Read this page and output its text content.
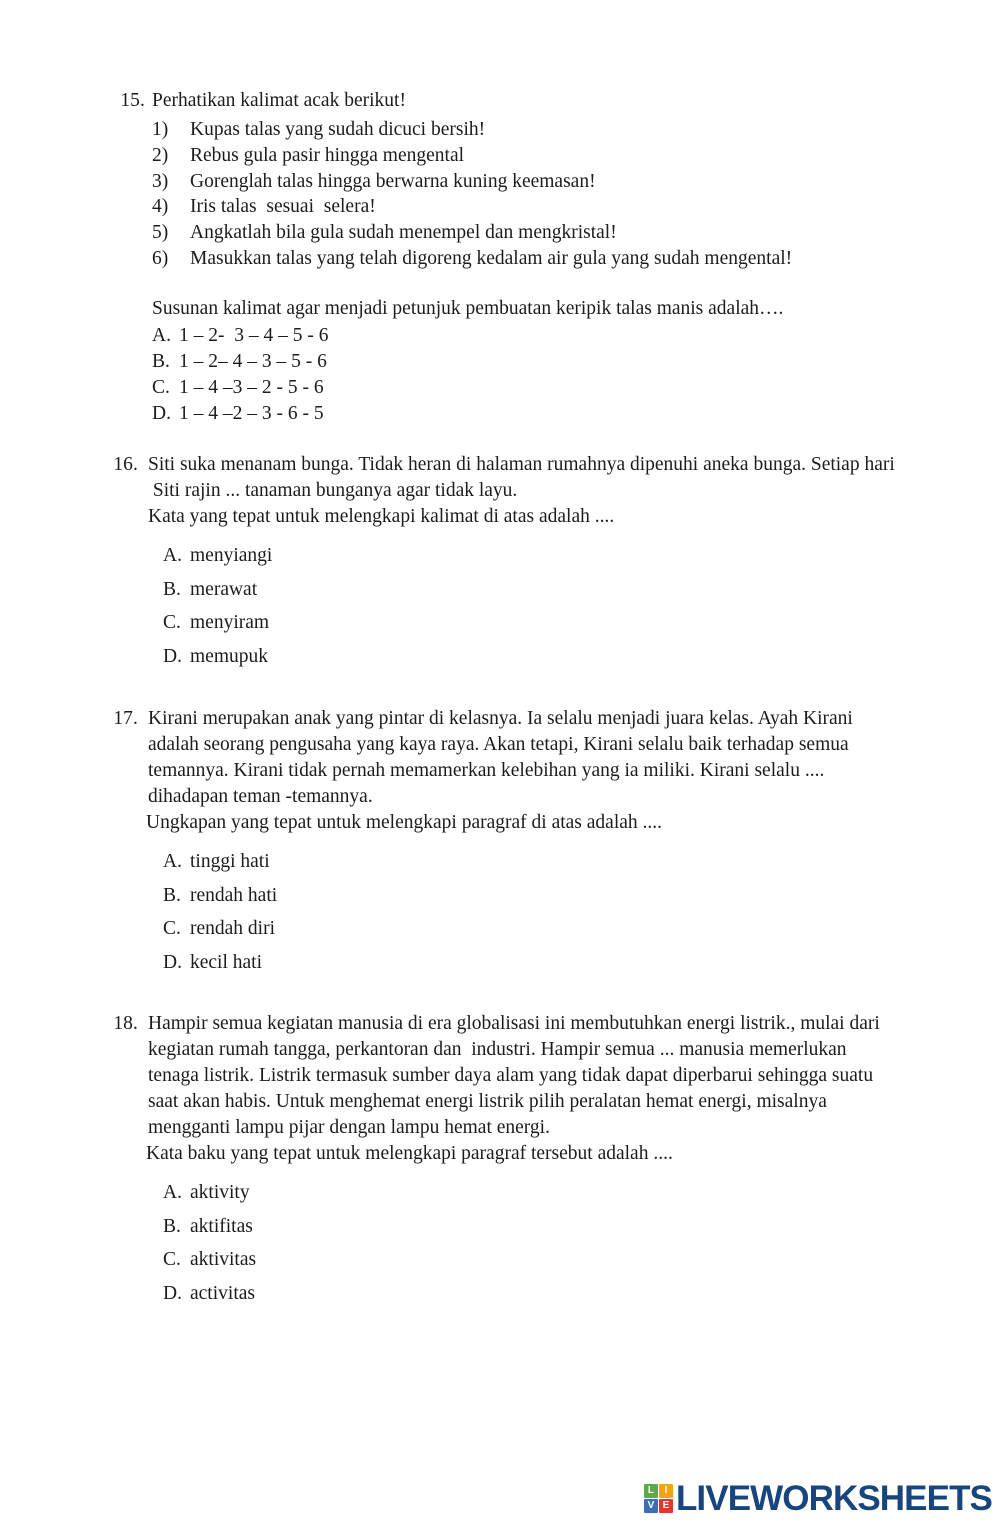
15. Perhatikan kalimat acak berikut!
1)	Kupas talas yang sudah dicuci bersih!
2)	Rebus gula pasir hingga mengental
3)	Gorenglah talas hingga berwarna kuning keemasan!
4)	Iris talas  sesuai  selera!
5)	Angkatlah bila gula sudah menempel dan mengkristal!
6)	Masukkan talas yang telah digoreng kedalam air gula yang sudah mengental!
Susunan kalimat agar menjadi petunjuk pembuatan keripik talas manis adalah….
A. 1 – 2-  3 – 4 – 5 - 6
B. 1 – 2– 4 – 3 – 5 - 6
C. 1 – 4 –3 – 2 - 5 - 6
D. 1 – 4 –2 – 3 - 6 - 5
16. Siti suka menanam bunga. Tidak heran di halaman rumahnya dipenuhi aneka bunga. Setiap hari
Siti rajin ... tanaman bunganya agar tidak layu.
Kata yang tepat untuk melengkapi kalimat di atas adalah ....
A. menyiangi
B. merawat
C. menyiram
D. memupuk
17. Kirani merupakan anak yang pintar di kelasnya. Ia selalu menjadi juara kelas. Ayah Kirani
adalah seorang pengusaha yang kaya raya. Akan tetapi, Kirani selalu baik terhadap semua
temannya. Kirani tidak pernah memamerkan kelebihan yang ia miliki. Kirani selalu ....
dihadapan teman -temannya.
Ungkapan yang tepat untuk melengkapi paragraf di atas adalah ....
A. tinggi hati
B. rendah hati
C. rendah diri
D. kecil hati
18. Hampir semua kegiatan manusia di era globalisasi ini membutuhkan energi listrik., mulai dari
kegiatan rumah tangga, perkantoran dan  industri. Hampir semua ... manusia memerlukan
tenaga listrik. Listrik termasuk sumber daya alam yang tidak dapat diperbarui sehingga suatu
saat akan habis. Untuk menghemat energi listrik pilih peralatan hemat energi, misalnya
mengganti lampu pijar dengan lampu hemat energi.
Kata baku yang tepat untuk melengkapi paragraf tersebut adalah ....
A. aktivity
B. aktifitas
C. aktivitas
D. activitas
L	I
V E LIVEWORKSHEETS
